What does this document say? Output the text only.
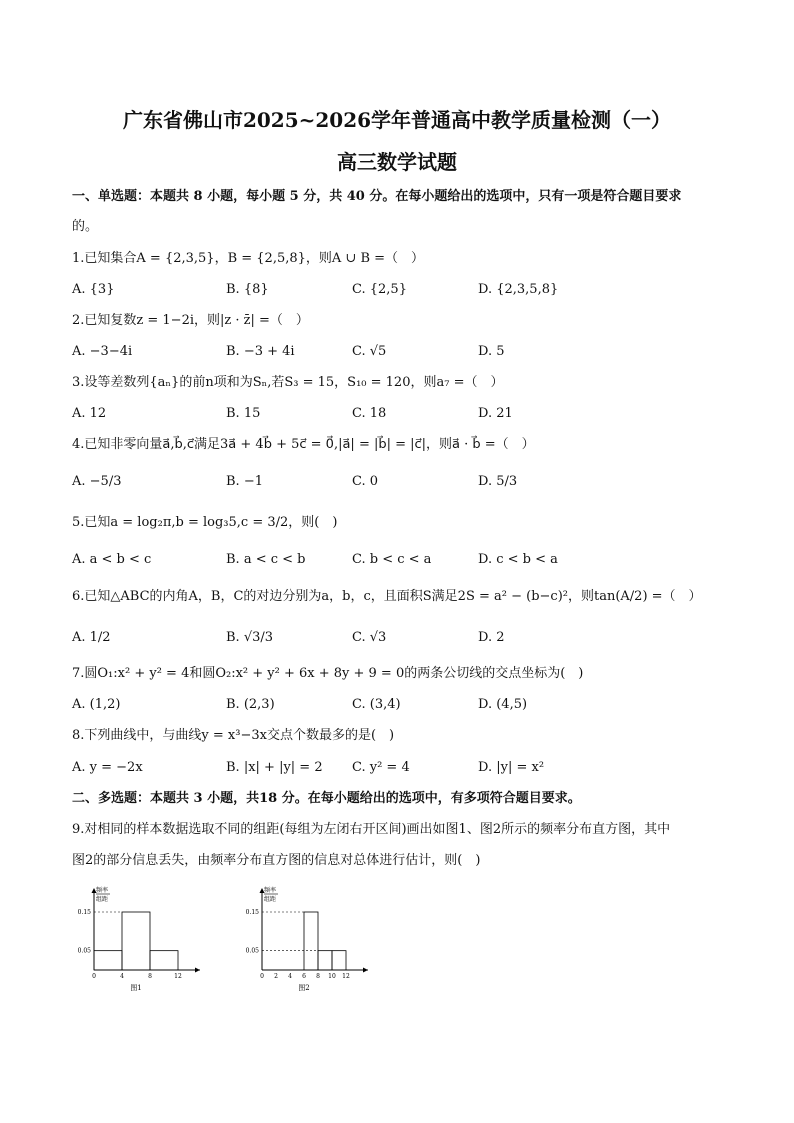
广东省佛山市2025~2026学年普通高中教学质量检测（一）
高三数学试题
一、单选题：本题共 8 小题，每小题 5 分，共 40 分。在每小题给出的选项中，只有一项是符合题目要求
的。
1.已知集合A = {2,3,5}，B = {2,5,8}，则A ∪ B =（　）
A. {3}	B. {8}	C. {2,5}	D. {2,3,5,8}
2.已知复数z = 1−2i，则|z · z̄| =（　）
A. −3−4i	B. −3 + 4i	C. √5	D. 5
3.设等差数列{aₙ}的前n项和为Sₙ,若S₃ = 15，S₁₀ = 120，则a₇ =（　）
A. 12	B. 15	C. 18	D. 21
4.已知非零向量a⃗,b⃗,c⃗满足3a⃗ + 4b⃗ + 5c⃗ = 0⃗,|a⃗| = |b⃗| = |c⃗|，则a⃗ · b⃗ =（　）
A. −5/3	B. −1	C. 0	D. 5/3
5.已知a = log₂π,b = log₃5,c = 3/2，则(　)
A. a < b < c	B. a < c < b	C. b < c < a	D. c < b < a
6.已知△ABC的内角A，B，C的对边分别为a，b，c，且面积S满足2S = a² − (b−c)²，则tan(A/2) =（　）
A. 1/2	B. √3/3	C. √3	D. 2
7.圆O₁:x² + y² = 4和圆O₂:x² + y² + 6x + 8y + 9 = 0的两条公切线的交点坐标为(　)
A. (1,2)	B. (2,3)	C. (3,4)	D. (4,5)
8.下列曲线中，与曲线y = x³−3x交点个数最多的是(　)
A. y = −2x	B. |x| + |y| = 2 C. y² = 4	D. |y| = x²
二、多选题：本题共 3 小题，共18 分。在每小题给出的选项中，有多项符合题目要求。
9.对相同的样本数据选取不同的组距(每组为左闭右开区间)画出如图1、图2所示的频率分布直方图，其中
图2的部分信息丢失，由频率分布直方图的信息对总体进行估计，则(　)
频率
组距
0.05
0.15
0	4	8	12
图1
频率
组距
0.05
0.15
0 2 4 6 8 10 12
图2
